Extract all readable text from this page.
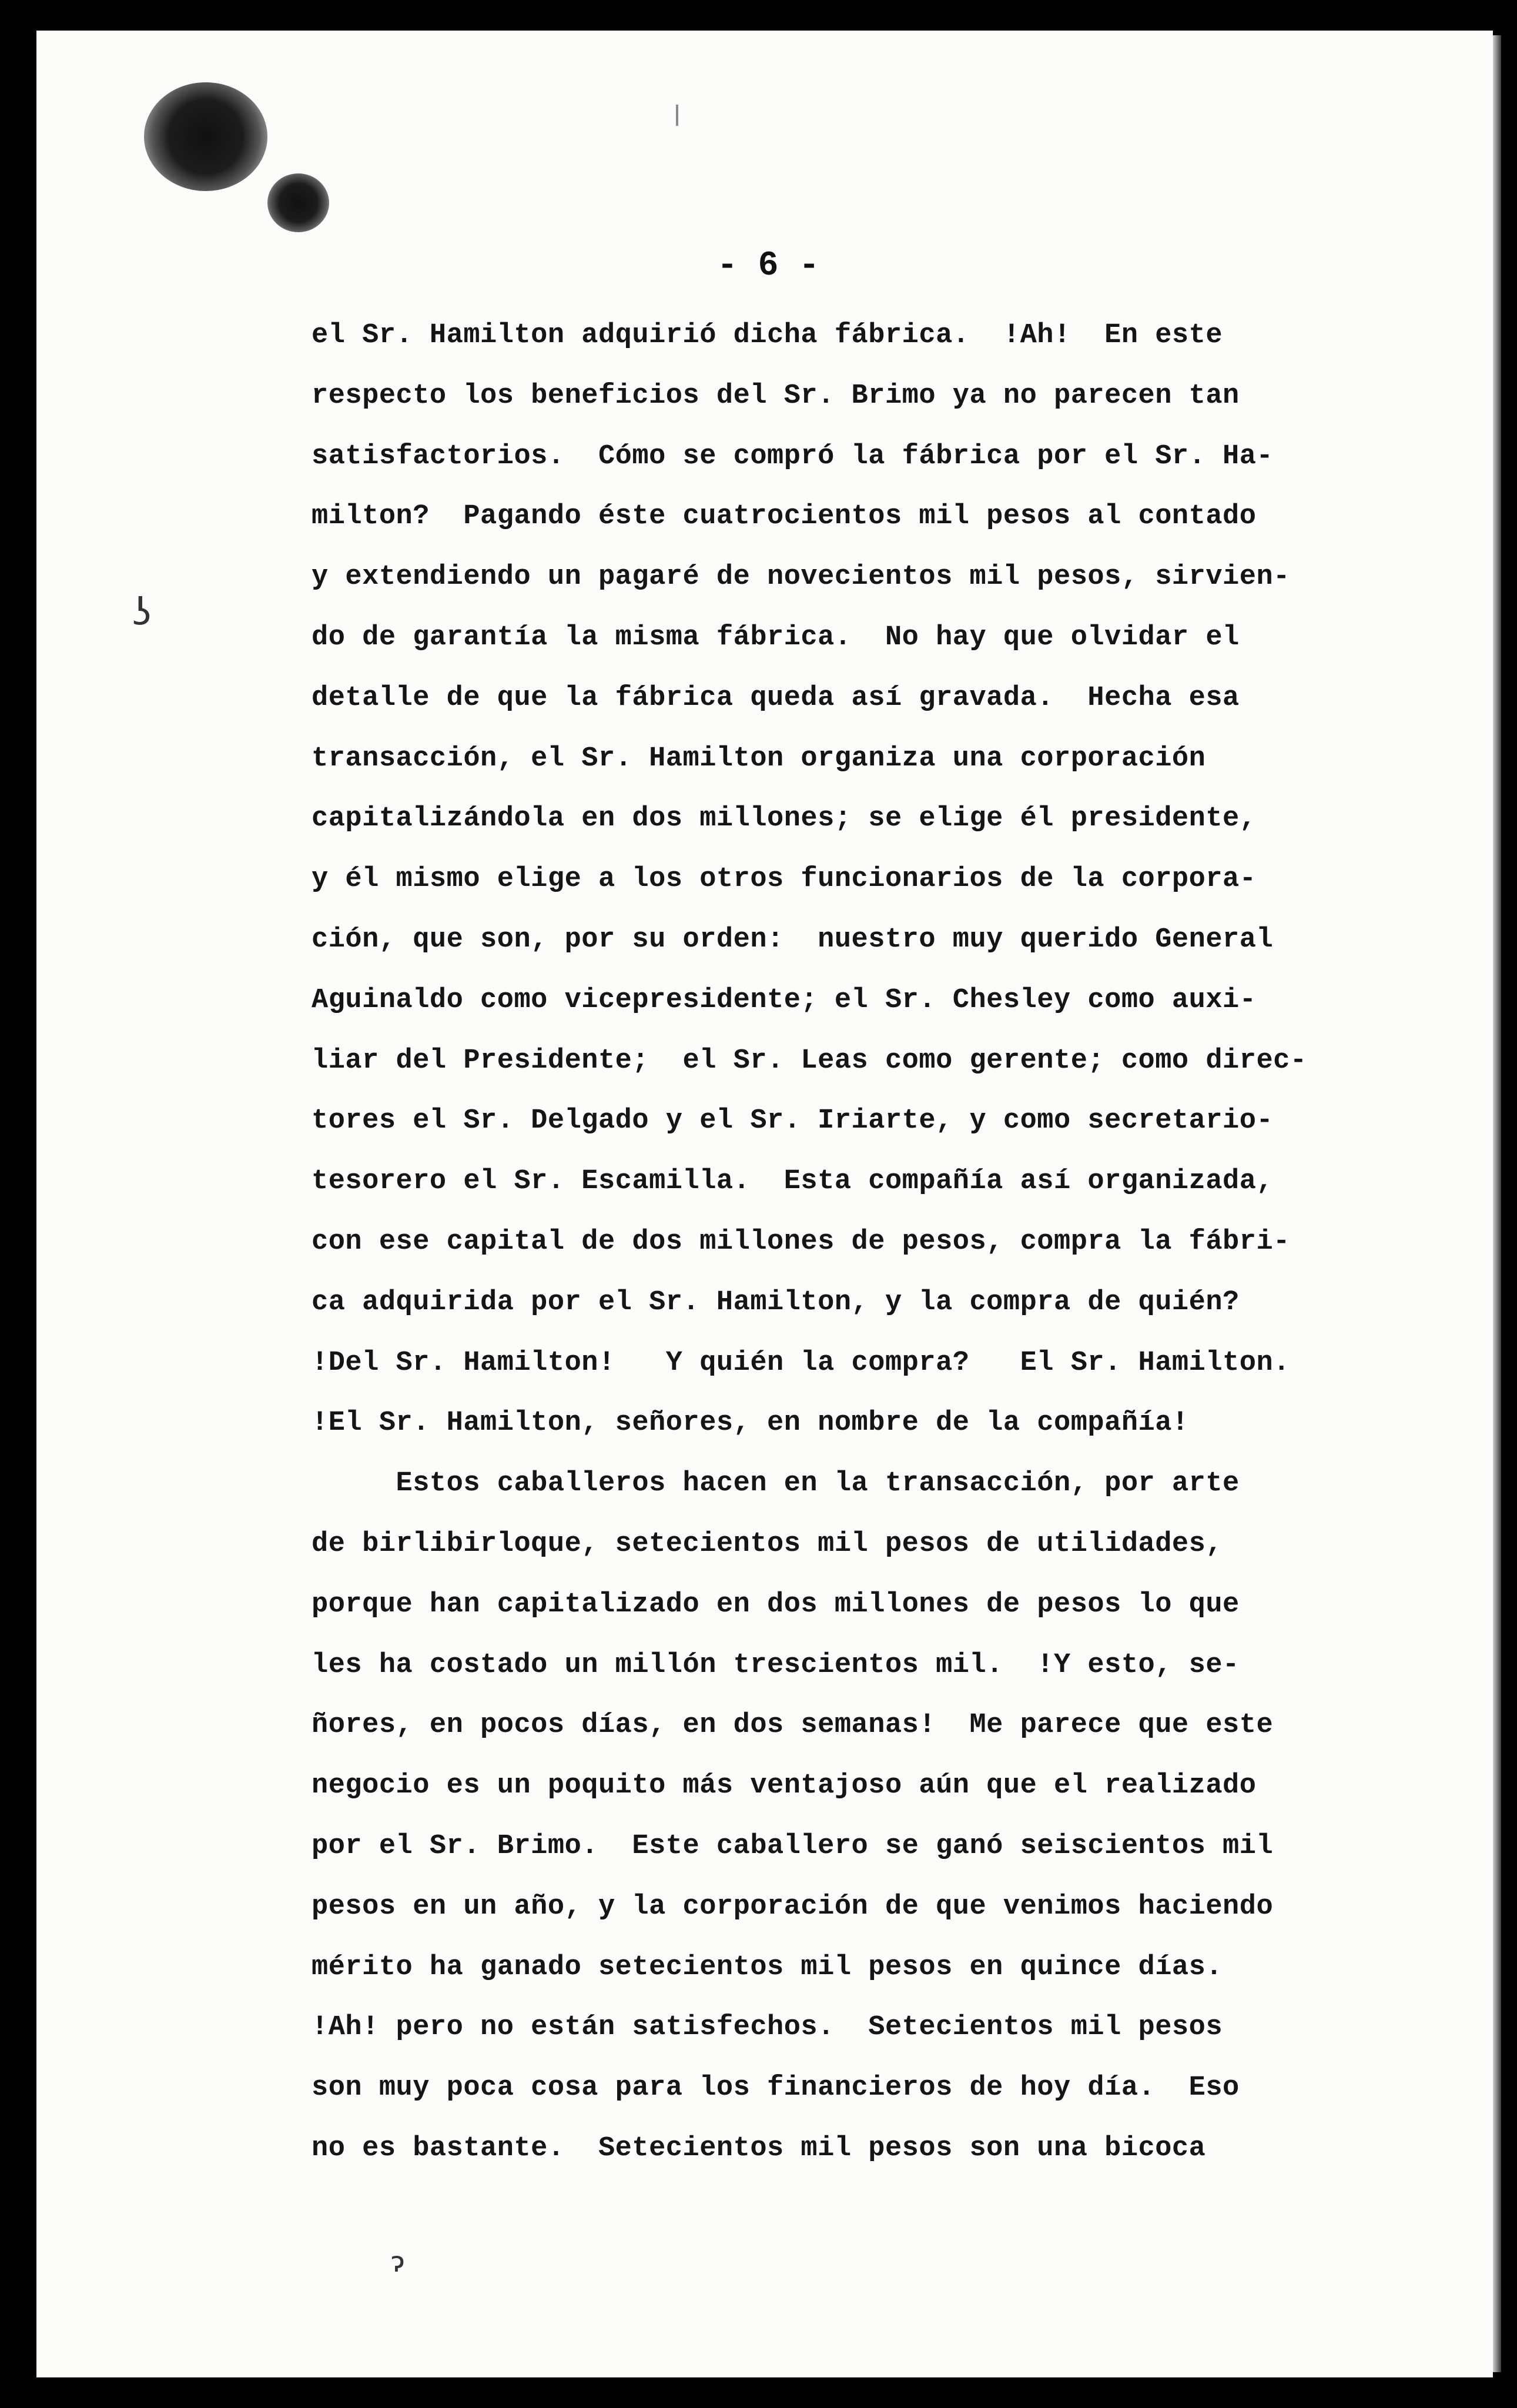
ʖ
ɂ
- 6 -
el Sr. Hamilton adquirió dicha fábrica.  !Ah!  En este
respecto los beneficios del Sr. Brimo ya no parecen tan
satisfactorios.  Cómo se compró la fábrica por el Sr. Ha-
milton?  Pagando éste cuatrocientos mil pesos al contado
y extendiendo un pagaré de novecientos mil pesos, sirvien-
do de garantía la misma fábrica.  No hay que olvidar el
detalle de que la fábrica queda así gravada.  Hecha esa
transacción, el Sr. Hamilton organiza una corporación
capitalizándola en dos millones; se elige él presidente,
y él mismo elige a los otros funcionarios de la corpora-
ción, que son, por su orden:  nuestro muy querido General
Aguinaldo como vicepresidente; el Sr. Chesley como auxi-
liar del Presidente;  el Sr. Leas como gerente; como direc-
tores el Sr. Delgado y el Sr. Iriarte, y como secretario-
tesorero el Sr. Escamilla.  Esta compañía así organizada,
con ese capital de dos millones de pesos, compra la fábri-
ca adquirida por el Sr. Hamilton, y la compra de quién?
!Del Sr. Hamilton!   Y quién la compra?   El Sr. Hamilton.
!El Sr. Hamilton, señores, en nombre de la compañía!
Estos caballeros hacen en la transacción, por arte
de birlibirloque, setecientos mil pesos de utilidades,
porque han capitalizado en dos millones de pesos lo que
les ha costado un millón trescientos mil.  !Y esto, se-
ñores, en pocos días, en dos semanas!  Me parece que este
negocio es un poquito más ventajoso aún que el realizado
por el Sr. Brimo.  Este caballero se ganó seiscientos mil
pesos en un año, y la corporación de que venimos haciendo
mérito ha ganado setecientos mil pesos en quince días.
!Ah! pero no están satisfechos.  Setecientos mil pesos
son muy poca cosa para los financieros de hoy día.  Eso
no es bastante.  Setecientos mil pesos son una bicoca
